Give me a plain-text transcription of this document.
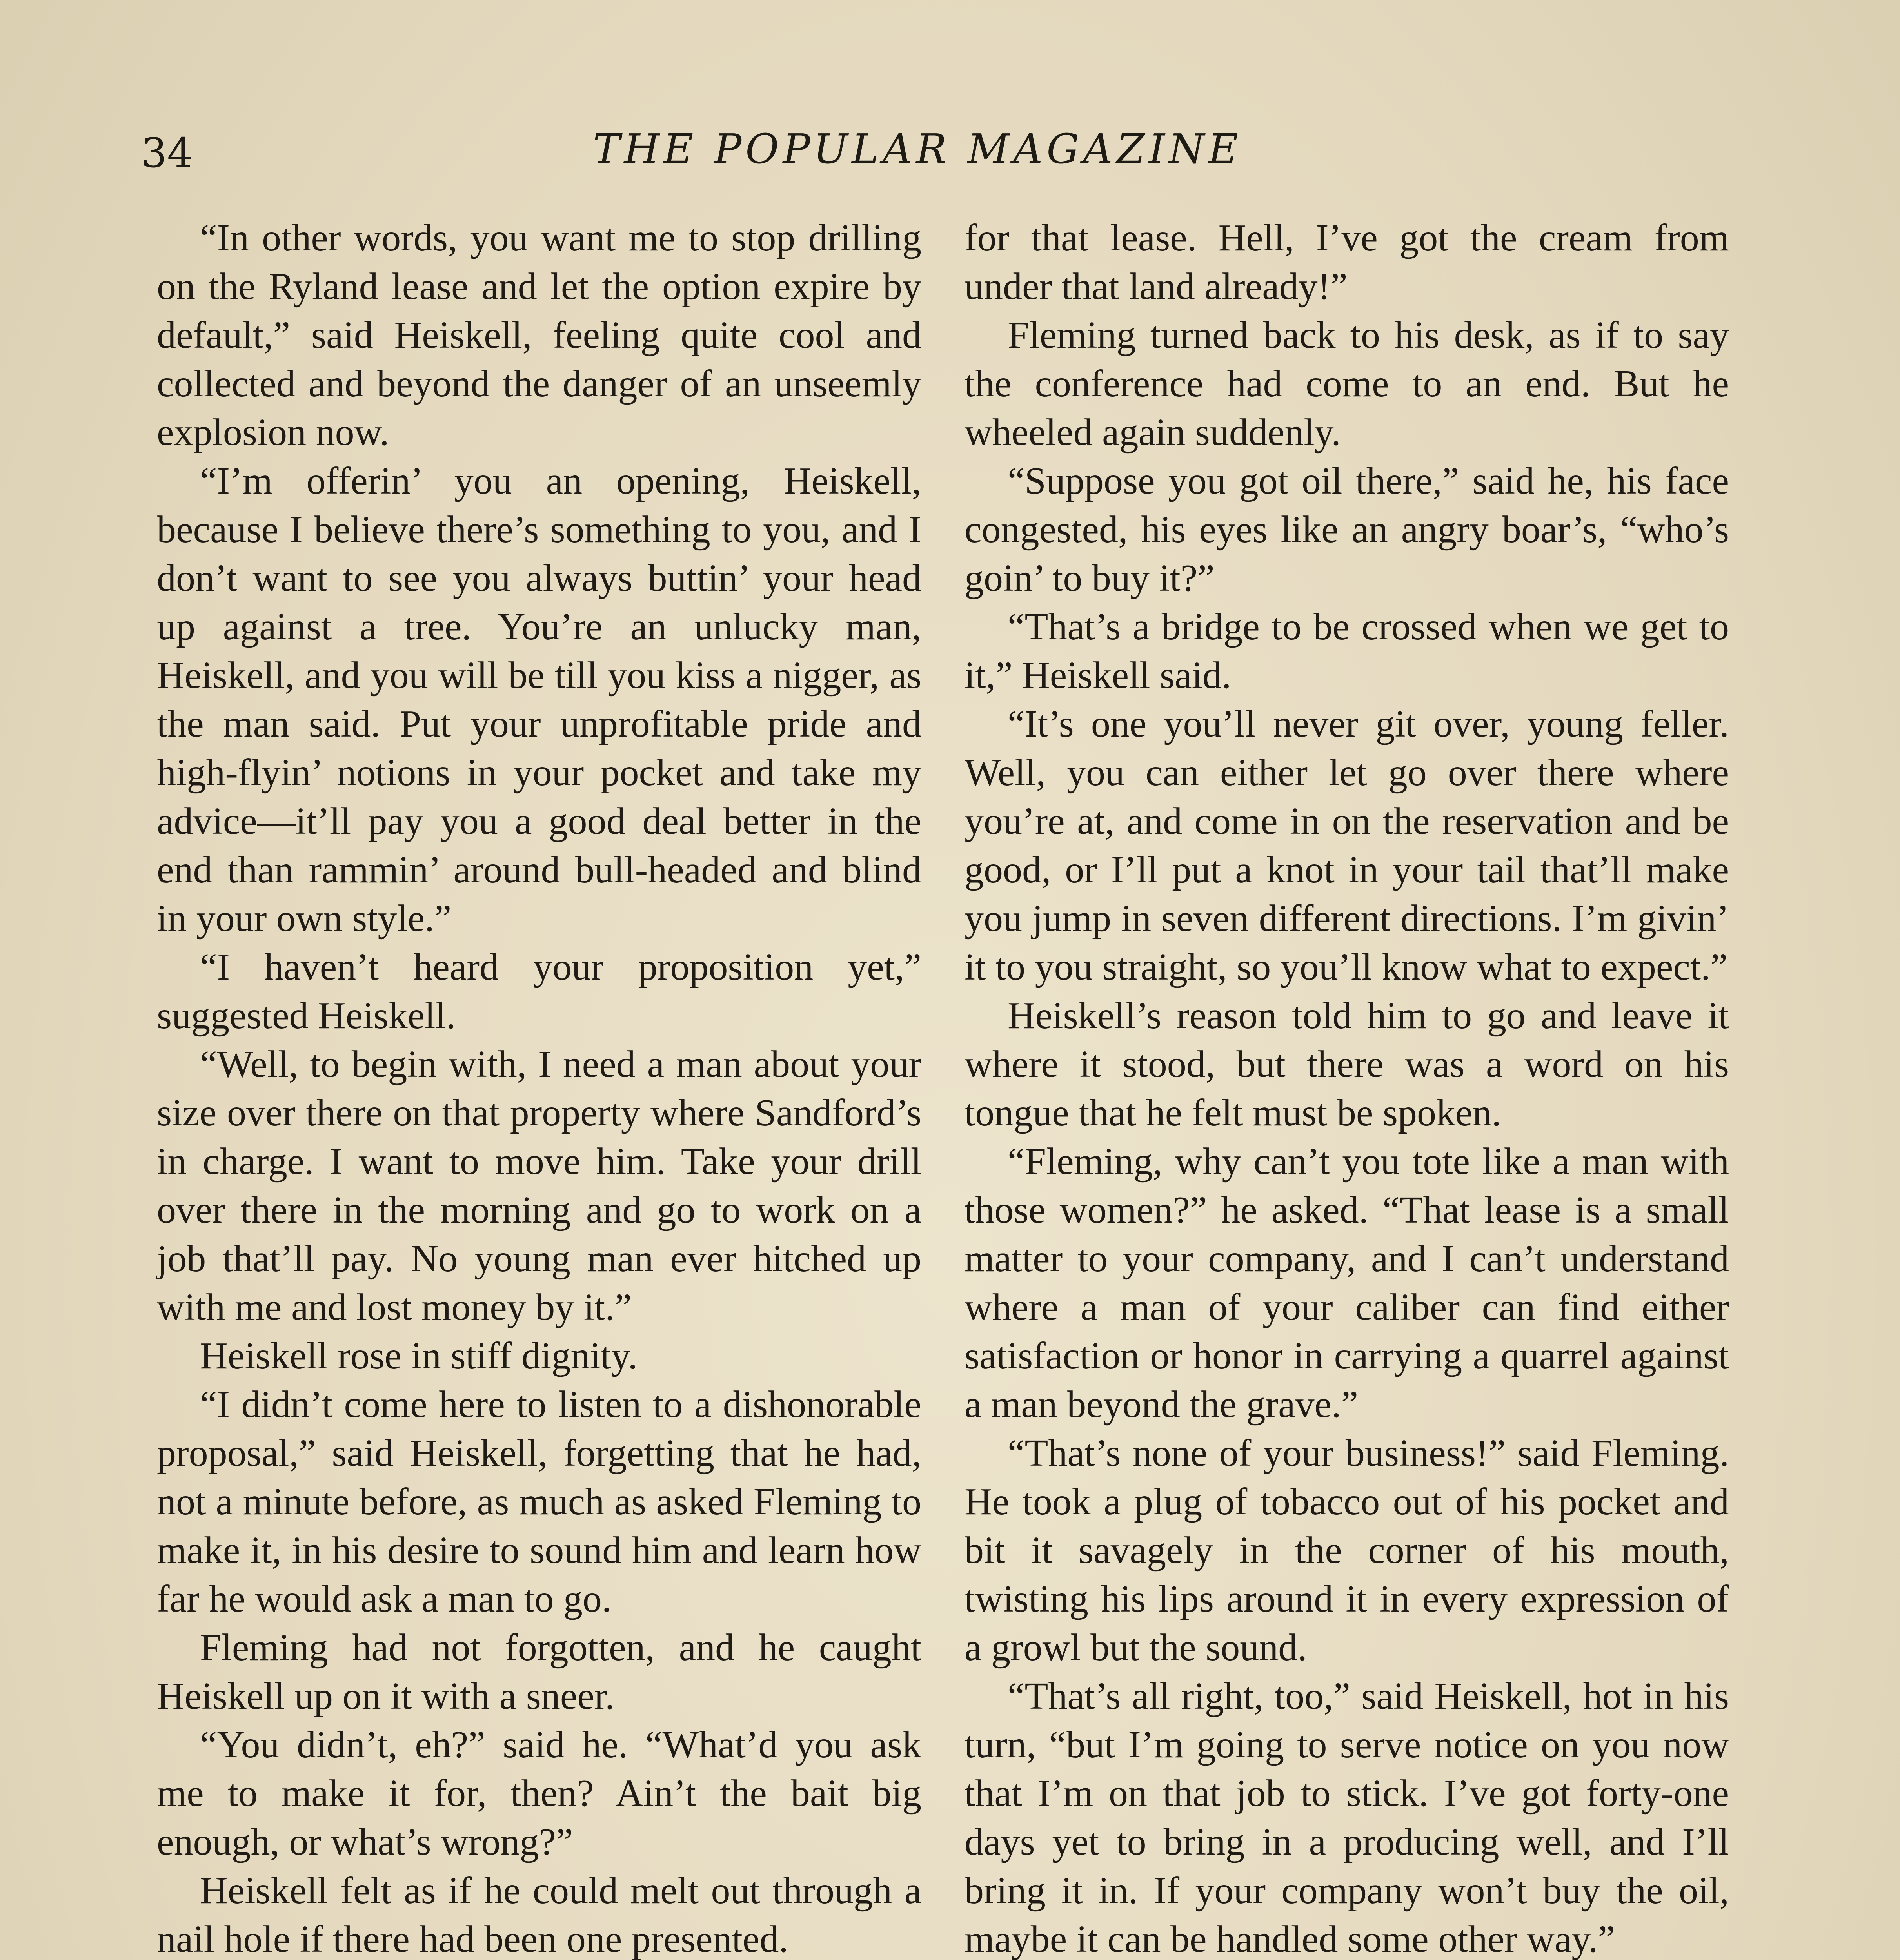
34	THE POPULAR MAGAZINE

“In other words, you want me to stop drilling on the Ryland lease and let the option expire by default,” said Heiskell, feeling quite cool and collected and beyond the danger of an unseemly explosion now.

“I’m offerin’ you an opening, Heiskell, because I believe there’s something to you, and I don’t want to see you always buttin’ your head up against a tree. You’re an unlucky man, Heiskell, and you will be till you kiss a nigger, as the man said. Put your unprofitable pride and high-flyin’ notions in your pocket and take my advice—it’ll pay you a good deal better in the end than rammin’ around bull-headed and blind in your own style.”

“I haven’t heard your proposition yet,” suggested Heiskell.

“Well, to begin with, I need a man about your size over there on that property where Sandford’s in charge. I want to move him. Take your drill over there in the morning and go to work on a job that’ll pay. No young man ever hitched up with me and lost money by it.”

Heiskell rose in stiff dignity.

“I didn’t come here to listen to a dishonorable proposal,” said Heiskell, forgetting that he had, not a minute before, as much as asked Fleming to make it, in his desire to sound him and learn how far he would ask a man to go.

Fleming had not forgotten, and he caught Heiskell up on it with a sneer.

“You didn’t, eh?” said he. “What’d you ask me to make it for, then? Ain’t the bait big enough, or what’s wrong?”

Heiskell felt as if he could melt out through a nail hole if there had been one presented.

for that lease. Hell, I’ve got the cream from under that land already!”

Fleming turned back to his desk, as if to say the conference had come to an end. But he wheeled again suddenly.

“Suppose you got oil there,” said he, his face congested, his eyes like an angry boar’s, “who’s goin’ to buy it?”

“That’s a bridge to be crossed when we get to it,” Heiskell said.

“It’s one you’ll never git over, young feller. Well, you can either let go over there where you’re at, and come in on the reservation and be good, or I’ll put a knot in your tail that’ll make you jump in seven different directions. I’m givin’ it to you straight, so you’ll know what to expect.”

Heiskell’s reason told him to go and leave it where it stood, but there was a word on his tongue that he felt must be spoken.

“Fleming, why can’t you tote like a man with those women?” he asked. “That lease is a small matter to your company, and I can’t understand where a man of your caliber can find either satisfaction or honor in carrying a quarrel against a man beyond the grave.”

“That’s none of your business!” said Fleming. He took a plug of tobacco out of his pocket and bit it savagely in the corner of his mouth, twisting his lips around it in every expression of a growl but the sound.

“That’s all right, too,” said Heiskell, hot in his turn, “but I’m going to serve notice on you now that I’m on that job to stick. I’ve got forty-one days yet to bring in a producing well, and I’ll bring it in. If your company won’t buy the oil, maybe it can be handled some other way.”
